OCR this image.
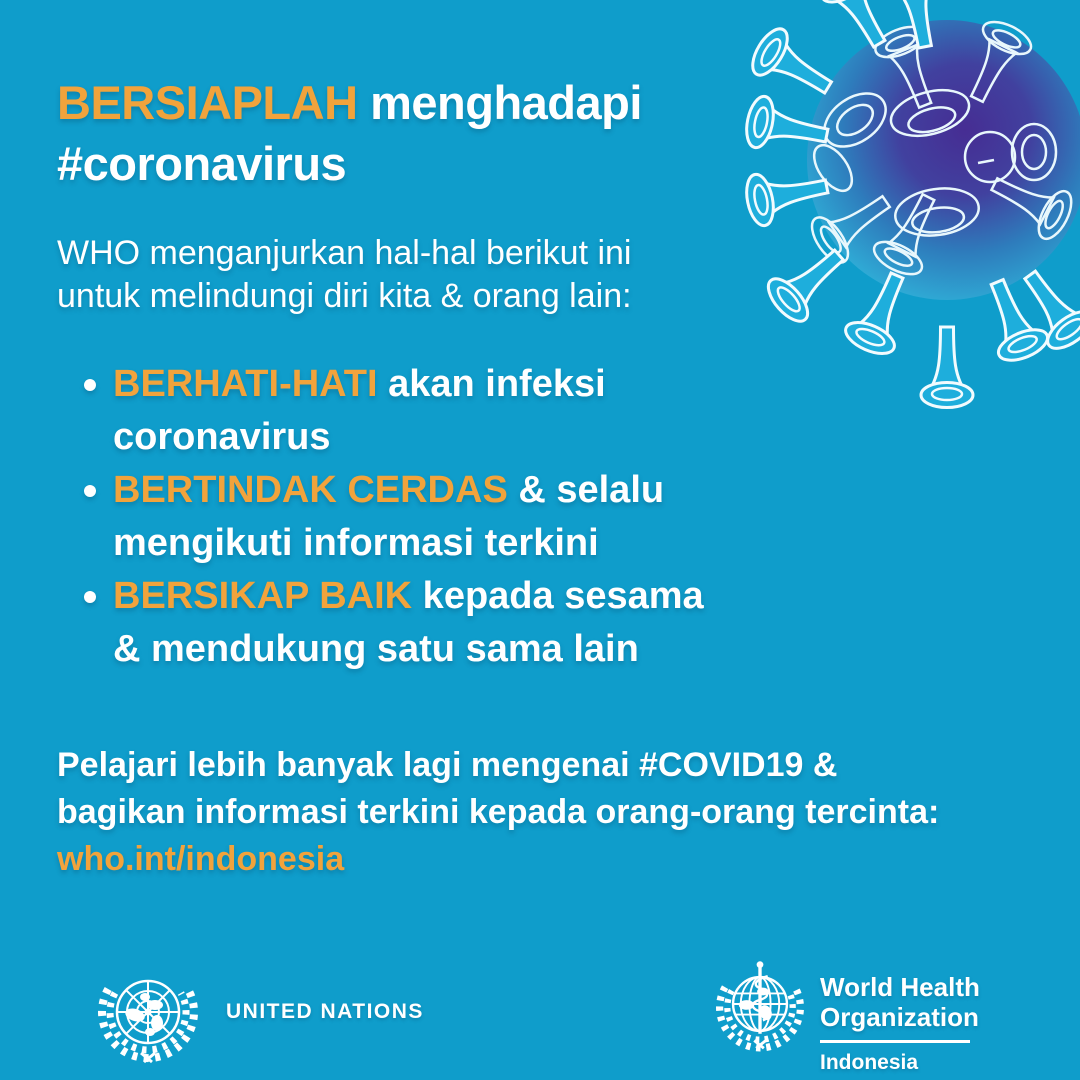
BERSIAPLAH menghadapi
#coronavirus
WHO menganjurkan hal-hal berikut ini
untuk melindungi diri kita & orang lain:
BERHATI-HATI akan infeksi
coronavirus
BERTINDAK CERDAS & selalu
mengikuti informasi terkini
BERSIKAP BAIK kepada sesama
& mendukung satu sama lain
Pelajari lebih banyak lagi mengenai #COVID19 &
bagikan informasi terkini kepada orang-orang tercinta:
who.int/indonesia
UNITED NATIONS
World Health
Organization
Indonesia
